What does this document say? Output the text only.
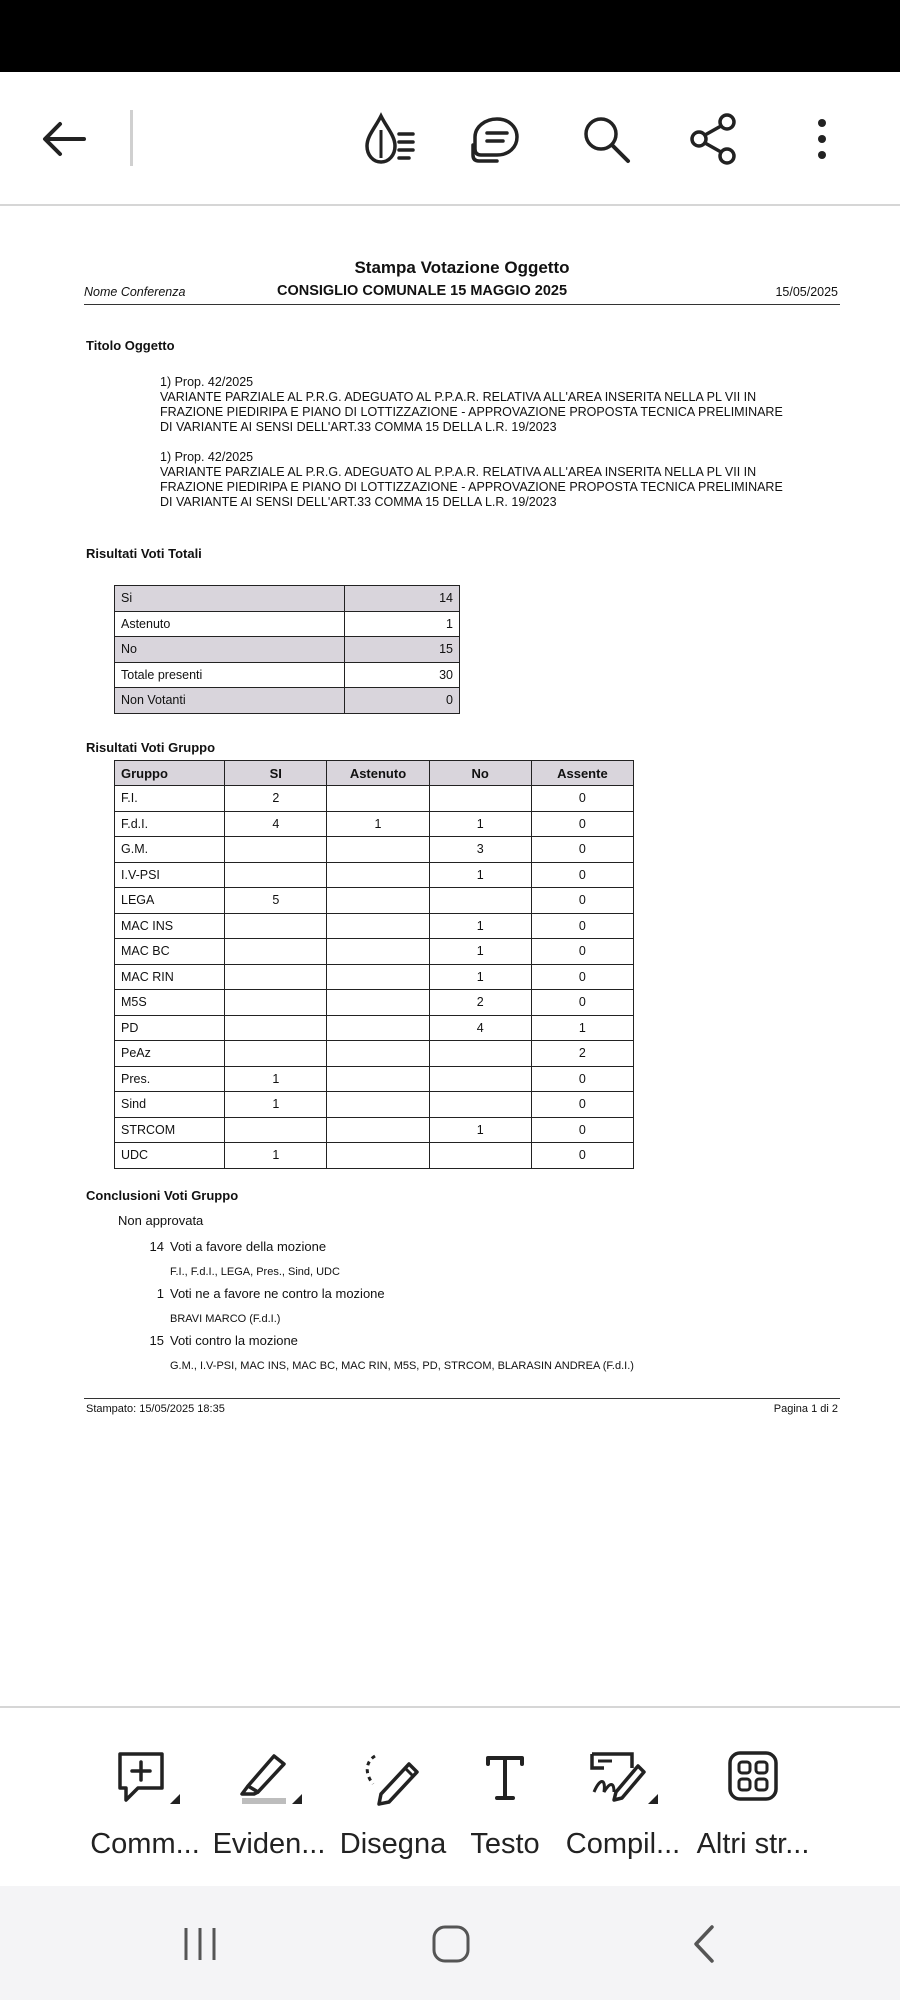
Stampa Votazione Oggetto
Nome Conferenza	CONSIGLIO COMUNALE 15 MAGGIO 2025	15/05/2025
Titolo Oggetto
1) Prop. 42/2025
VARIANTE PARZIALE AL P.R.G. ADEGUATO AL P.P.A.R. RELATIVA ALL'AREA INSERITA NELLA PL VII IN
FRAZIONE PIEDIRIPA E PIANO DI LOTTIZZAZIONE - APPROVAZIONE PROPOSTA TECNICA PRELIMINARE
DI VARIANTE AI SENSI DELL'ART.33 COMMA 15 DELLA L.R. 19/2023
1) Prop. 42/2025
VARIANTE PARZIALE AL P.R.G. ADEGUATO AL P.P.A.R. RELATIVA ALL'AREA INSERITA NELLA PL VII IN
FRAZIONE PIEDIRIPA E PIANO DI LOTTIZZAZIONE - APPROVAZIONE PROPOSTA TECNICA PRELIMINARE
DI VARIANTE AI SENSI DELL'ART.33 COMMA 15 DELLA L.R. 19/2023
Risultati Voti Totali
Si	14
Astenuto	1
No	15
Totale presenti	30
Non Votanti	0
Risultati Voti Gruppo
Gruppo	SI	Astenuto	No	Assente
F.I.	2			0
F.d.I.	4	1	1	0
G.M.			3	0
I.V-PSI			1	0
LEGA	5			0
MAC INS			1	0
MAC BC			1	0
MAC RIN			1	0
M5S			2	0
PD			4	1
PeAz				2
Pres.	1			0
Sind	1			0
STRCOM			1	0
UDC	1			0
Conclusioni Voti Gruppo
Non approvata
14 Voti a favore della mozione
F.I., F.d.I., LEGA, Pres., Sind, UDC
1 Voti ne a favore ne contro la mozione
BRAVI MARCO (F.d.I.)
15 Voti contro la mozione
G.M., I.V-PSI, MAC INS, MAC BC, MAC RIN, M5S, PD, STRCOM, BLARASIN ANDREA (F.d.I.)
Stampato: 15/05/2025 18:35	Pagina 1 di 2
Comm... Eviden... Disegna Testo Compil... Altri str...
